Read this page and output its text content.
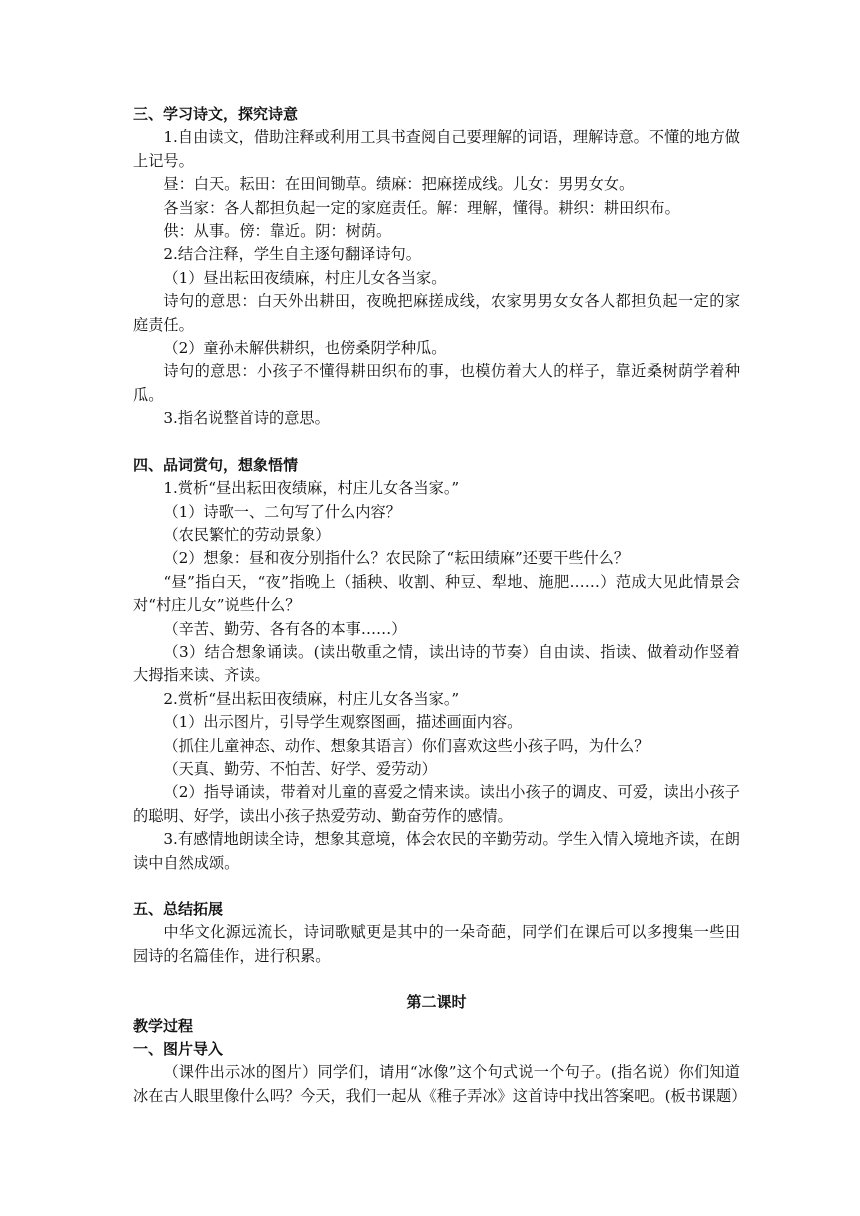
三、学习诗文，探究诗意
1.自由读文，借助注释或利用工具书查阅自己要理解的词语，理解诗意。不懂的地方做上记号。
昼：白天。耘田：在田间锄草。绩麻：把麻搓成线。儿女：男男女女。
各当家：各人都担负起一定的家庭责任。解：理解，懂得。耕织：耕田织布。
供：从事。傍：靠近。阴：树荫。
2.结合注释，学生自主逐句翻译诗句。
（1）昼出耘田夜绩麻，村庄儿女各当家。
诗句的意思：白天外出耕田，夜晚把麻搓成线，农家男男女女各人都担负起一定的家庭责任。
（2）童孙未解供耕织，也傍桑阴学种瓜。
诗句的意思：小孩子不懂得耕田织布的事，也模仿着大人的样子，靠近桑树荫学着种瓜。
3.指名说整首诗的意思。
四、品词赏句，想象悟情
1.赏析“昼出耘田夜绩麻，村庄儿女各当家。”
（1）诗歌一、二句写了什么内容？
（农民繁忙的劳动景象）
（2）想象：昼和夜分别指什么？农民除了“耘田绩麻”还要干些什么？
“昼”指白天，“夜”指晚上（插秧、收割、种豆、犁地、施肥……）范成大见此情景会对“村庄儿女”说些什么？
（辛苦、勤劳、各有各的本事……）
（3）结合想象诵读。(读出敬重之情，读出诗的节奏）自由读、指读、做着动作竖着大拇指来读、齐读。
2.赏析“昼出耘田夜绩麻，村庄儿女各当家。”
（1）出示图片，引导学生观察图画，描述画面内容。
（抓住儿童神态、动作、想象其语言）你们喜欢这些小孩子吗，为什么？
（天真、勤劳、不怕苦、好学、爱劳动）
（2）指导诵读，带着对儿童的喜爱之情来读。读出小孩子的调皮、可爱，读出小孩子的聪明、好学，读出小孩子热爱劳动、勤奋劳作的感情。
3.有感情地朗读全诗，想象其意境，体会农民的辛勤劳动。学生入情入境地齐读，在朗读中自然成颂。
五、总结拓展
中华文化源远流长，诗词歌赋更是其中的一朵奇葩，同学们在课后可以多搜集一些田园诗的名篇佳作，进行积累。
第二课时
教学过程
一、图片导入
（课件出示冰的图片）同学们，请用“冰像”这个句式说一个句子。(指名说）你们知道冰在古人眼里像什么吗？今天，我们一起从《稚子弄冰》这首诗中找出答案吧。(板书课题）
